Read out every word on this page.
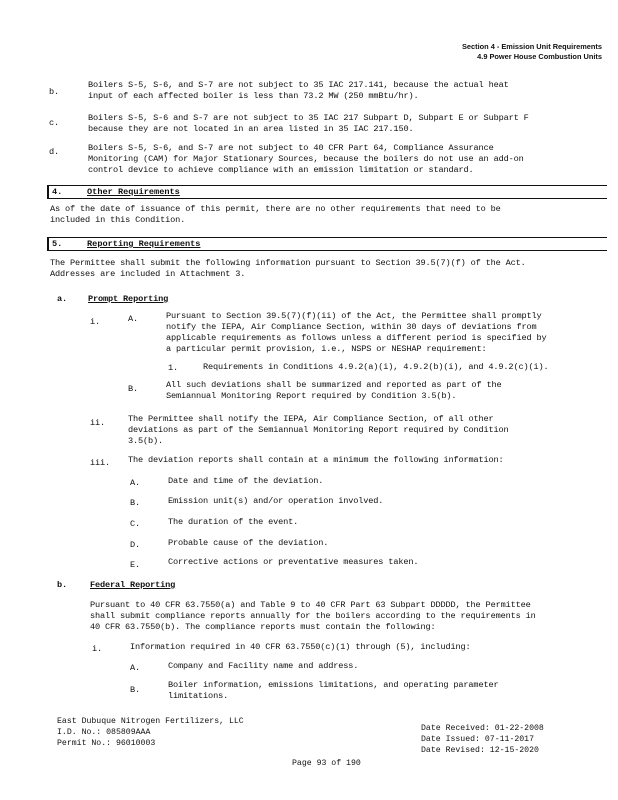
Section 4 - Emission Unit Requirements
4.9 Power House Combustion Units
b.
Boilers S-5, S-6, and S-7 are not subject to 35 IAC 217.141, because the actual heat
input of each affected boiler is less than 73.2 MW (250 mmBtu/hr).
c.	Boilers S-5, S-6 and S-7 are not subject to 35 IAC 217 Subpart D, Subpart E or Subpart F
because they are not located in an area listed in 35 IAC 217.150.
d.	Boilers S-5, S-6, and S-7 are not subject to 40 CFR Part 64, Compliance Assurance
Monitoring (CAM) for Major Stationary Sources, because the boilers do not use an add-on
control device to achieve compliance with an emission limitation or standard.
4.	Other Requirements
As of the date of issuance of this permit, there are no other requirements that need to be
included in this Condition.
5.	Reporting Requirements
The Permittee shall submit the following information pursuant to Section 39.5(7)(f) of the Act.
Addresses are included in Attachment 3.
a. Prompt Reporting
i.	A.	Pursuant to Section 39.5(7)(f)(ii) of the Act, the Permittee shall promptly
notify the IEPA, Air Compliance Section, within 30 days of deviations from
applicable requirements as follows unless a different period is specified by
a particular permit provision, i.e., NSPS or NESHAP requirement:
1.	Requirements in Conditions 4.9.2(a)(i), 4.9.2(b)(i), and 4.9.2(c)(i).
B.	All such deviations shall be summarized and reported as part of the
Semiannual Monitoring Report required by Condition 3.5(b).
ii.	The Permittee shall notify the IEPA, Air Compliance Section, of all other
deviations as part of the Semiannual Monitoring Report required by Condition
3.5(b).
iii. The deviation reports shall contain at a minimum the following information:
A.	Date and time of the deviation.
B.	Emission unit(s) and/or operation involved.
C.	The duration of the event.
D.	Probable cause of the deviation.
E.	Corrective actions or preventative measures taken.
b.	Federal Reporting
Pursuant to 40 CFR 63.7550(a) and Table 9 to 40 CFR Part 63 Subpart DDDDD, the Permittee
shall submit compliance reports annually for the boilers according to the requirements in
40 CFR 63.7550(b). The compliance reports must contain the following:
i.	Information required in 40 CFR 63.7550(c)(1) through (5), including:
A.	Company and Facility name and address.
B.	Boiler information, emissions limitations, and operating parameter
limitations.
East Dubuque Nitrogen Fertilizers, LLC
I.D. No.: 085809AAA
Permit No.: 96010003
Date Received: 01-22-2008
Date Issued: 07-11-2017
Date Revised: 12-15-2020
Page 93 of 190
